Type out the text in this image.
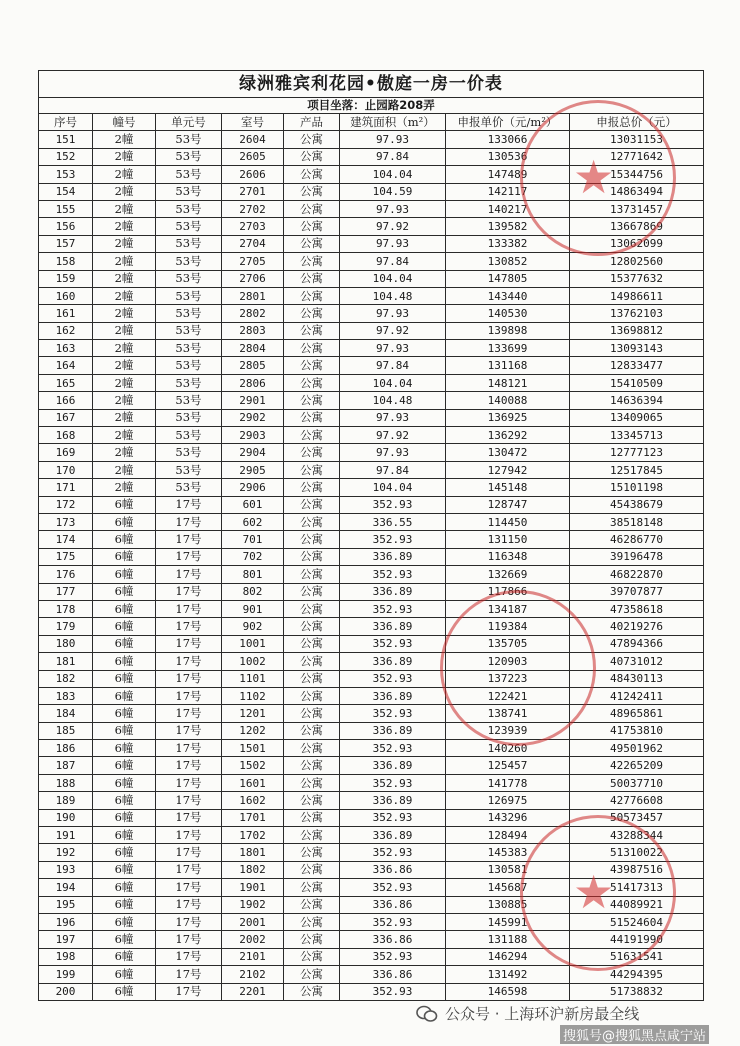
绿洲雅宾利花园•傲庭一房一价表							
项目坐落：止园路208弄							
序号	幢号	单元号	室号	产品	建筑面积（m²）	申报单价（元/m²）	申报总价（元）
151	2幢	53号	2604	公寓	97.93	133066	13031153
152	2幢	53号	2605	公寓	97.84	130536	12771642
153	2幢	53号	2606	公寓	104.04	147489	15344756
154	2幢	53号	2701	公寓	104.59	142117	14863494
155	2幢	53号	2702	公寓	97.93	140217	13731457
156	2幢	53号	2703	公寓	97.92	139582	13667869
157	2幢	53号	2704	公寓	97.93	133382	13062099
158	2幢	53号	2705	公寓	97.84	130852	12802560
159	2幢	53号	2706	公寓	104.04	147805	15377632
160	2幢	53号	2801	公寓	104.48	143440	14986611
161	2幢	53号	2802	公寓	97.93	140530	13762103
162	2幢	53号	2803	公寓	97.92	139898	13698812
163	2幢	53号	2804	公寓	97.93	133699	13093143
164	2幢	53号	2805	公寓	97.84	131168	12833477
165	2幢	53号	2806	公寓	104.04	148121	15410509
166	2幢	53号	2901	公寓	104.48	140088	14636394
167	2幢	53号	2902	公寓	97.93	136925	13409065
168	2幢	53号	2903	公寓	97.92	136292	13345713
169	2幢	53号	2904	公寓	97.93	130472	12777123
170	2幢	53号	2905	公寓	97.84	127942	12517845
171	2幢	53号	2906	公寓	104.04	145148	15101198
172	6幢	17号	601	公寓	352.93	128747	45438679
173	6幢	17号	602	公寓	336.55	114450	38518148
174	6幢	17号	701	公寓	352.93	131150	46286770
175	6幢	17号	702	公寓	336.89	116348	39196478
176	6幢	17号	801	公寓	352.93	132669	46822870
177	6幢	17号	802	公寓	336.89	117866	39707877
178	6幢	17号	901	公寓	352.93	134187	47358618
179	6幢	17号	902	公寓	336.89	119384	40219276
180	6幢	17号	1001	公寓	352.93	135705	47894366
181	6幢	17号	1002	公寓	336.89	120903	40731012
182	6幢	17号	1101	公寓	352.93	137223	48430113
183	6幢	17号	1102	公寓	336.89	122421	41242411
184	6幢	17号	1201	公寓	352.93	138741	48965861
185	6幢	17号	1202	公寓	336.89	123939	41753810
186	6幢	17号	1501	公寓	352.93	140260	49501962
187	6幢	17号	1502	公寓	336.89	125457	42265209
188	6幢	17号	1601	公寓	352.93	141778	50037710
189	6幢	17号	1602	公寓	336.89	126975	42776608
190	6幢	17号	1701	公寓	352.93	143296	50573457
191	6幢	17号	1702	公寓	336.89	128494	43288344
192	6幢	17号	1801	公寓	352.93	145383	51310022
193	6幢	17号	1802	公寓	336.86	130581	43987516
194	6幢	17号	1901	公寓	352.93	145687	51417313
195	6幢	17号	1902	公寓	336.86	130885	44089921
196	6幢	17号	2001	公寓	352.93	145991	51524604
197	6幢	17号	2002	公寓	336.86	131188	44191990
198	6幢	17号	2101	公寓	352.93	146294	51631541
199	6幢	17号	2102	公寓	336.86	131492	44294395
200	6幢	17号	2201	公寓	352.93	146598	51738832
★
★
公众号 · 上海环沪新房最全线
搜狐号@搜狐黑点咸宁站
